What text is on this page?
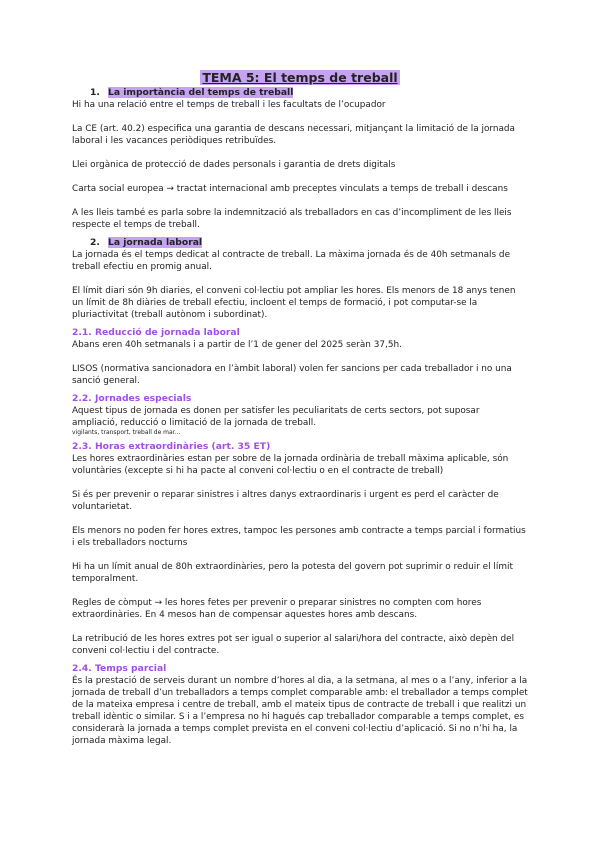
TEMA 5: El temps de treball
1. La importància del temps de treball

Hi ha una relació entre el temps de treball i les facultats de l’ocupador

La CE (art. 40.2) especifica una garantia de descans necessari, mitjançant la limitació de la jornada laboral i les vacances periòdiques retribuïdes.

Llei orgànica de protecció de dades personals i garantia de drets digitals

Carta social europea → tractat internacional amb preceptes vinculats a temps de treball i descans

A les lleis també es parla sobre la indemnització als treballadors en cas d’incompliment de les lleis respecte el temps de treball.

2. La jornada laboral

La jornada és el temps dedicat al contracte de treball. La màxima jornada és de 40h setmanals de treball efectiu en promig anual.

El límit diari són 9h diaries, el conveni col·lectiu pot ampliar les hores. Els menors de 18 anys tenen un límit de 8h diàries de treball efectiu, incloent el temps de formació, i pot computar-se la pluriactivitat (treball autònom i subordinat).

2.1. Reducció de jornada laboral

Abans eren 40h setmanals i a partir de l’1 de gener del 2025 seràn 37,5h.

LISOS (normativa sancionadora en l’àmbit laboral) volen fer sancions per cada treballador i no una sanció general.

2.2. Jornades especials

Aquest tipus de jornada es donen per satisfer les peculiaritats de certs sectors, pot suposar ampliació, reducció o limitació de la jornada de treball.

vigilants, transport, treball de mar...

2.3. Horas extraordinàries (art. 35 ET)

Les hores extraordinàries estan per sobre de la jornada ordinària de treball màxima aplicable, són voluntàries (excepte si hi ha pacte al conveni col·lectiu o en el contracte de treball)

Si és per prevenir o reparar sinistres i altres danys extraordinaris i urgent es perd el caràcter de voluntarietat.

Els menors no poden fer hores extres, tampoc les persones amb contracte a temps parcial i formatius i els treballadors nocturns

Hi ha un límit anual de 80h extraordinàries, pero la potesta del govern pot suprimir o reduir el límit temporalment.

Regles de còmput → les hores fetes per prevenir o preparar sinistres no compten com hores extraordinàries. En 4 mesos han de compensar aquestes hores amb descans.

La retribució de les hores extres pot ser igual o superior al salari/hora del contracte, això depèn del conveni col·lectiu i del contracte.

2.4. Temps parcial

És la prestació de serveis durant un nombre d’hores al dia, a la setmana, al mes o a l’any, inferior a la jornada de treball d’un treballadors a temps complet comparable amb: el treballador a temps complet de la mateixa empresa i centre de treball, amb el mateix tipus de contracte de treball i que realitzi un treball idèntic o similar. S i a l’empresa no hi hagués cap treballador comparable a temps complet, es considerarà la jornada a temps complet prevista en el conveni col·lectiu d’aplicació. Si no n’hi ha, la jornada màxima legal.
